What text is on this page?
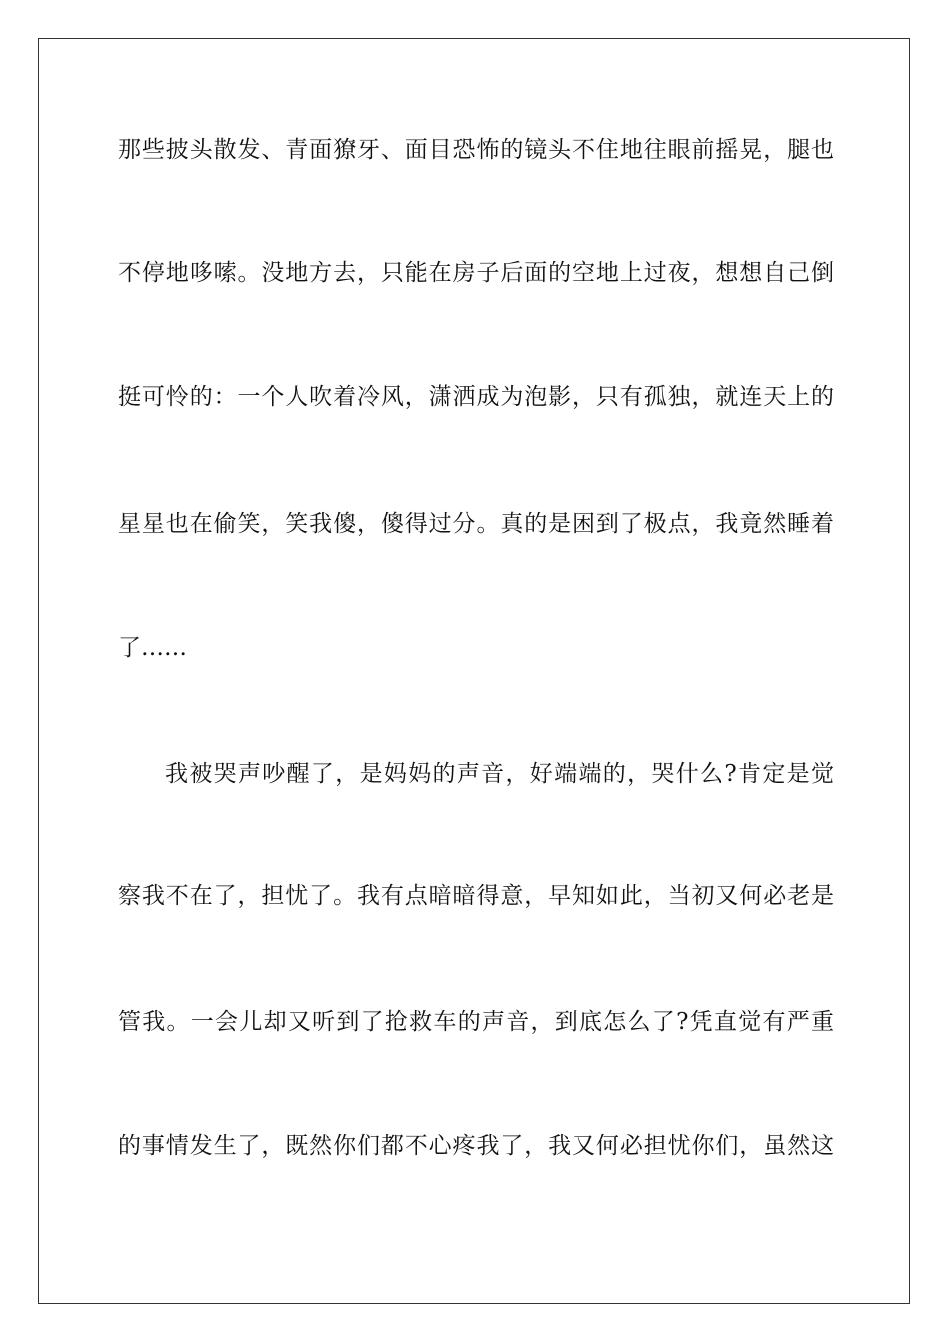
那些披头散发、青面獠牙、面目恐怖的镜头不住地往眼前摇晃，腿也
不停地哆嗦。没地方去，只能在房子后面的空地上过夜，想想自己倒
挺可怜的：一个人吹着冷风，潇洒成为泡影，只有孤独，就连天上的
星星也在偷笑，笑我傻，傻得过分。真的是困到了极点，我竟然睡着
了……
我被哭声吵醒了，是妈妈的声音，好端端的，哭什么?肯定是觉
察我不在了，担忧了。我有点暗暗得意，早知如此，当初又何必老是
管我。一会儿却又听到了抢救车的声音，到底怎么了?凭直觉有严重
的事情发生了，既然你们都不心疼我了，我又何必担忧你们，虽然这
